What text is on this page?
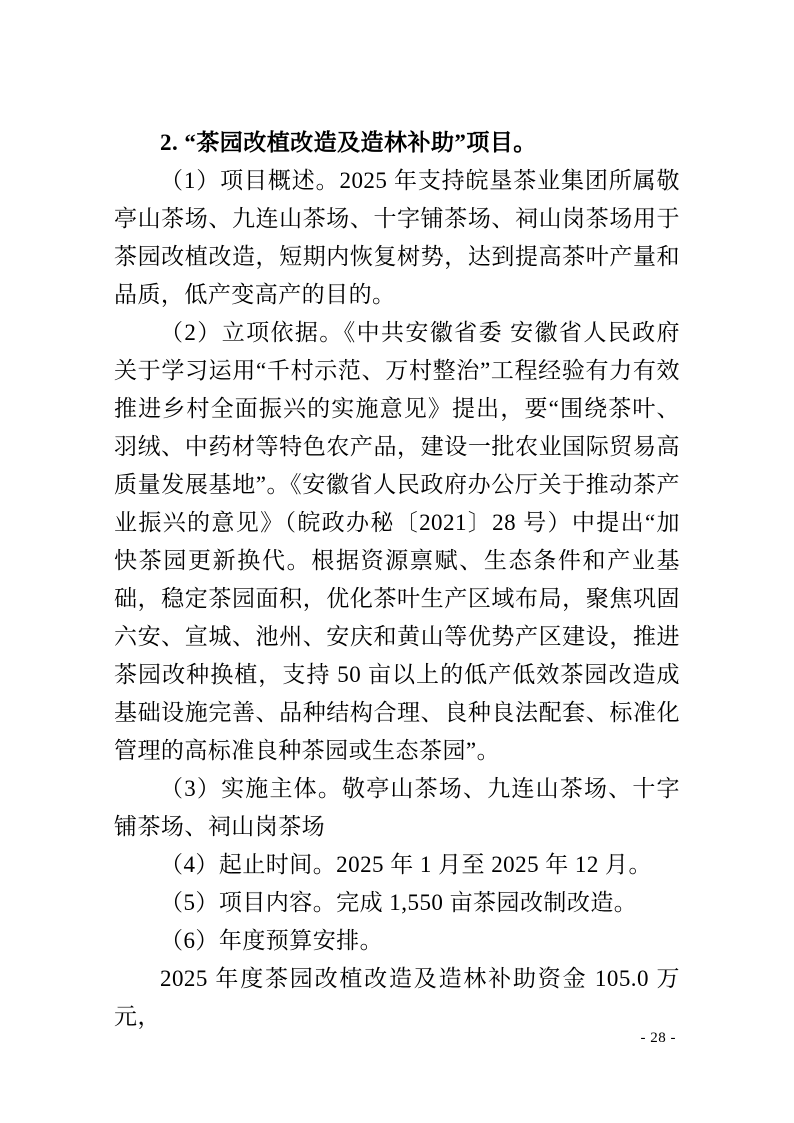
2. “茶园改植改造及造林补助”项目。

（1）项目概述。2025 年支持皖垦茶业集团所属敬亭山茶场、九连山茶场、十字铺茶场、祠山岗茶场用于茶园改植改造，短期内恢复树势，达到提高茶叶产量和品质，低产变高产的目的。

（2）立项依据。《中共安徽省委 安徽省人民政府关于学习运用“千村示范、万村整治”工程经验有力有效推进乡村全面振兴的实施意见》提出，要“围绕茶叶、羽绒、中药材等特色农产品，建设一批农业国际贸易高质量发展基地”。《安徽省人民政府办公厅关于推动茶产业振兴的意见》（皖政办秘〔2021〕28 号）中提出“加快茶园更新换代。根据资源禀赋、生态条件和产业基础，稳定茶园面积，优化茶叶生产区域布局，聚焦巩固六安、宣城、池州、安庆和黄山等优势产区建设，推进茶园改种换植，支持 50 亩以上的低产低效茶园改造成基础设施完善、品种结构合理、良种良法配套、标准化管理的高标准良种茶园或生态茶园”。

（3）实施主体。敬亭山茶场、九连山茶场、十字铺茶场、祠山岗茶场

（4）起止时间。2025 年 1 月至 2025 年 12 月。

（5）项目内容。完成 1,550 亩茶园改制改造。

（6）年度预算安排。

2025 年度茶园改植改造及造林补助资金 105.0 万元，

- 28 -
